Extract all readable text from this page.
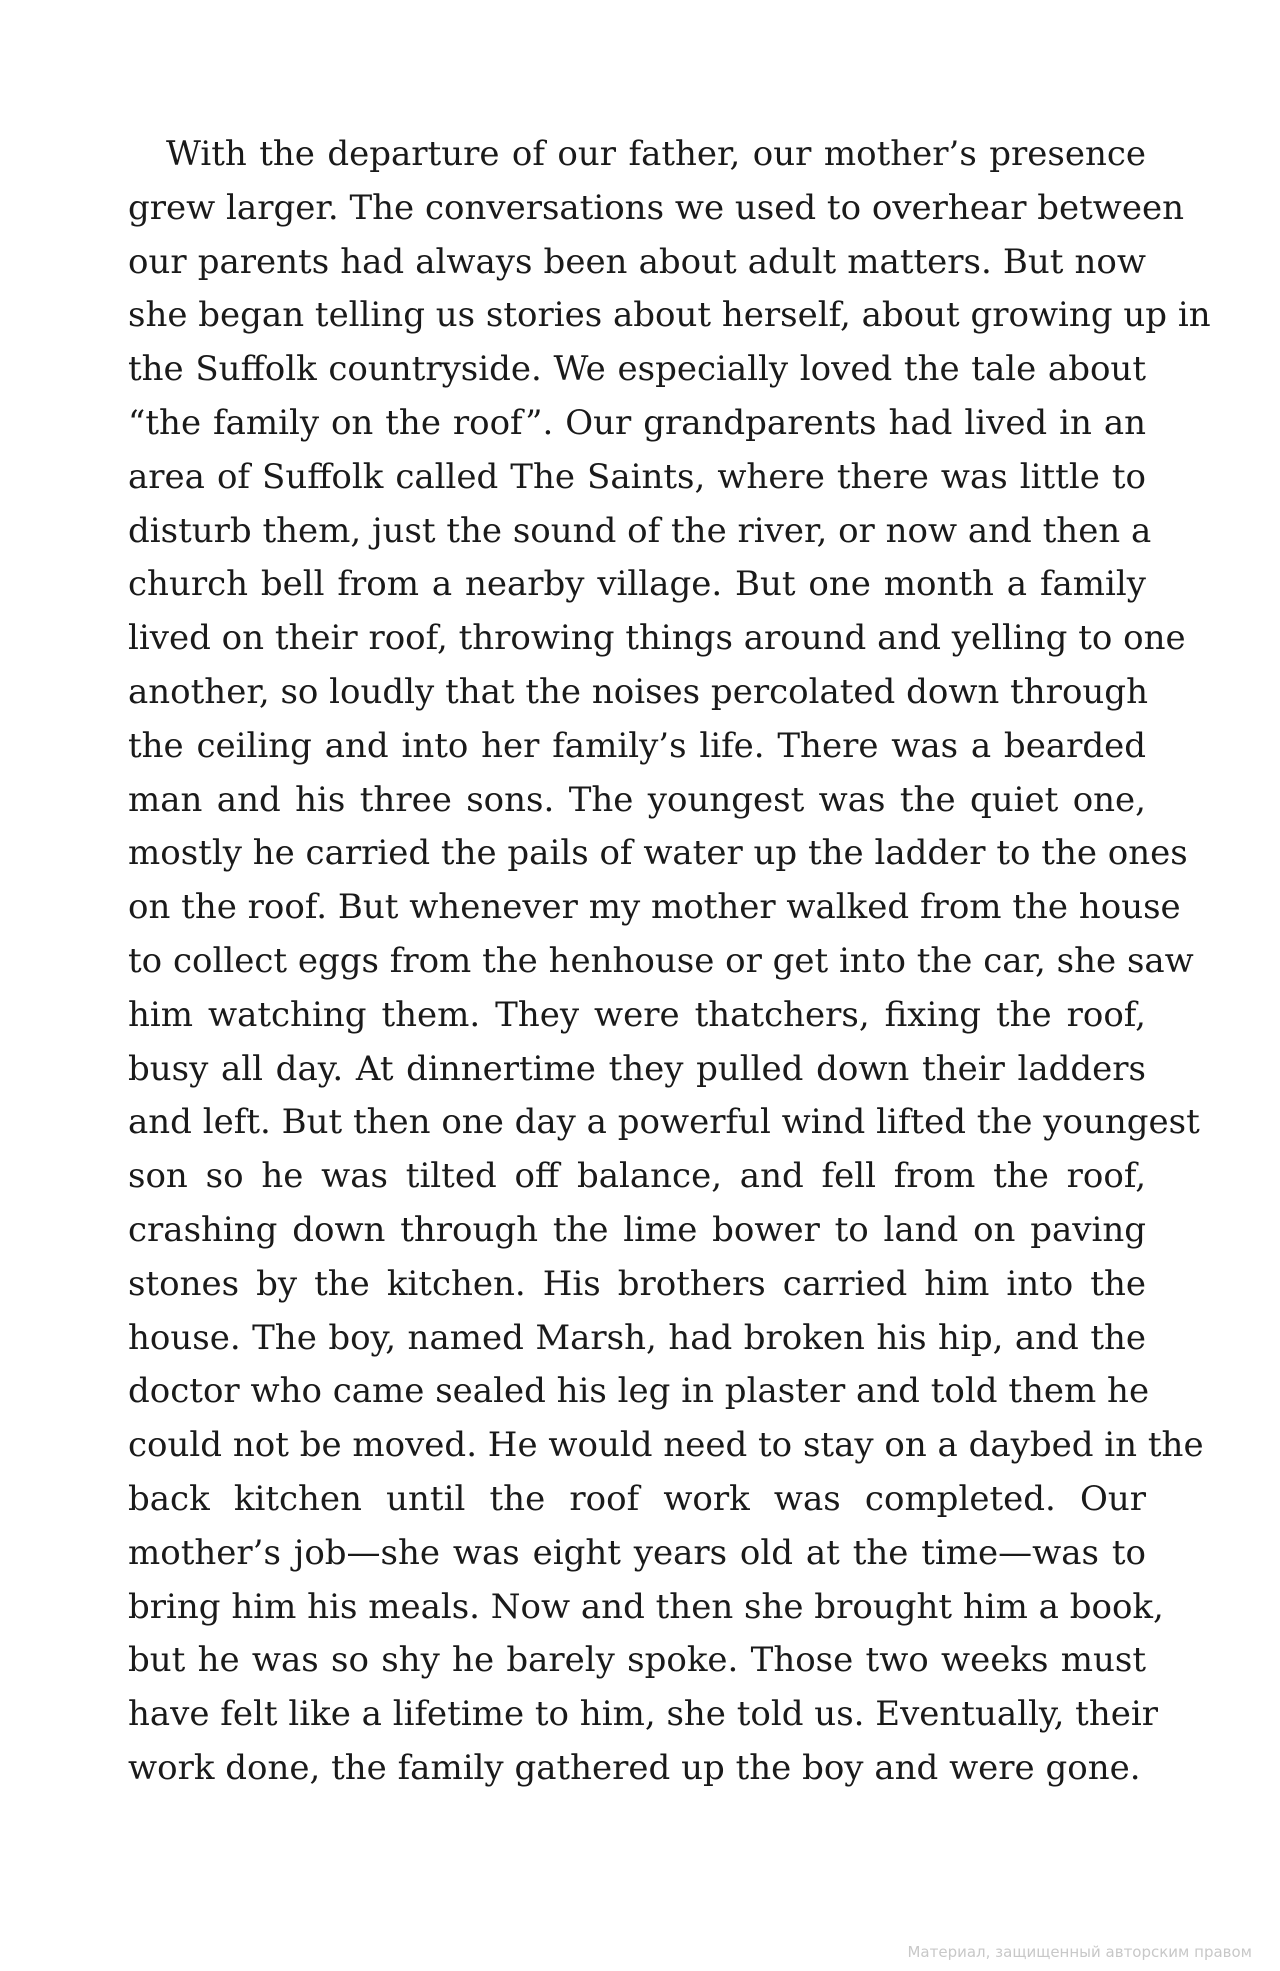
With the departure of our father, our mother’s presence
grew larger. The conversations we used to overhear between
our parents had always been about adult matters. But now
she began telling us stories about herself, about growing up in
the Suffolk countryside. We especially loved the tale about
“the family on the roof”. Our grandparents had lived in an
area of Suffolk called The Saints, where there was little to
disturb them, just the sound of the river, or now and then a
church bell from a nearby village. But one month a family
lived on their roof, throwing things around and yelling to one
another, so loudly that the noises percolated down through
the ceiling and into her family’s life. There was a bearded
man and his three sons. The youngest was the quiet one,
mostly he carried the pails of water up the ladder to the ones
on the roof. But whenever my mother walked from the house
to collect eggs from the henhouse or get into the car, she saw
him watching them. They were thatchers, fixing the roof,
busy all day. At dinnertime they pulled down their ladders
and left. But then one day a powerful wind lifted the youngest
son so he was tilted off balance, and fell from the roof,
crashing down through the lime bower to land on paving
stones by the kitchen. His brothers carried him into the
house. The boy, named Marsh, had broken his hip, and the
doctor who came sealed his leg in plaster and told them he
could not be moved. He would need to stay on a daybed in the
back kitchen until the roof work was completed. Our
mother’s job—she was eight years old at the time—was to
bring him his meals. Now and then she brought him a book,
but he was so shy he barely spoke. Those two weeks must
have felt like a lifetime to him, she told us. Eventually, their
work done, the family gathered up the boy and were gone.

Материал, защищенный авторским правом
